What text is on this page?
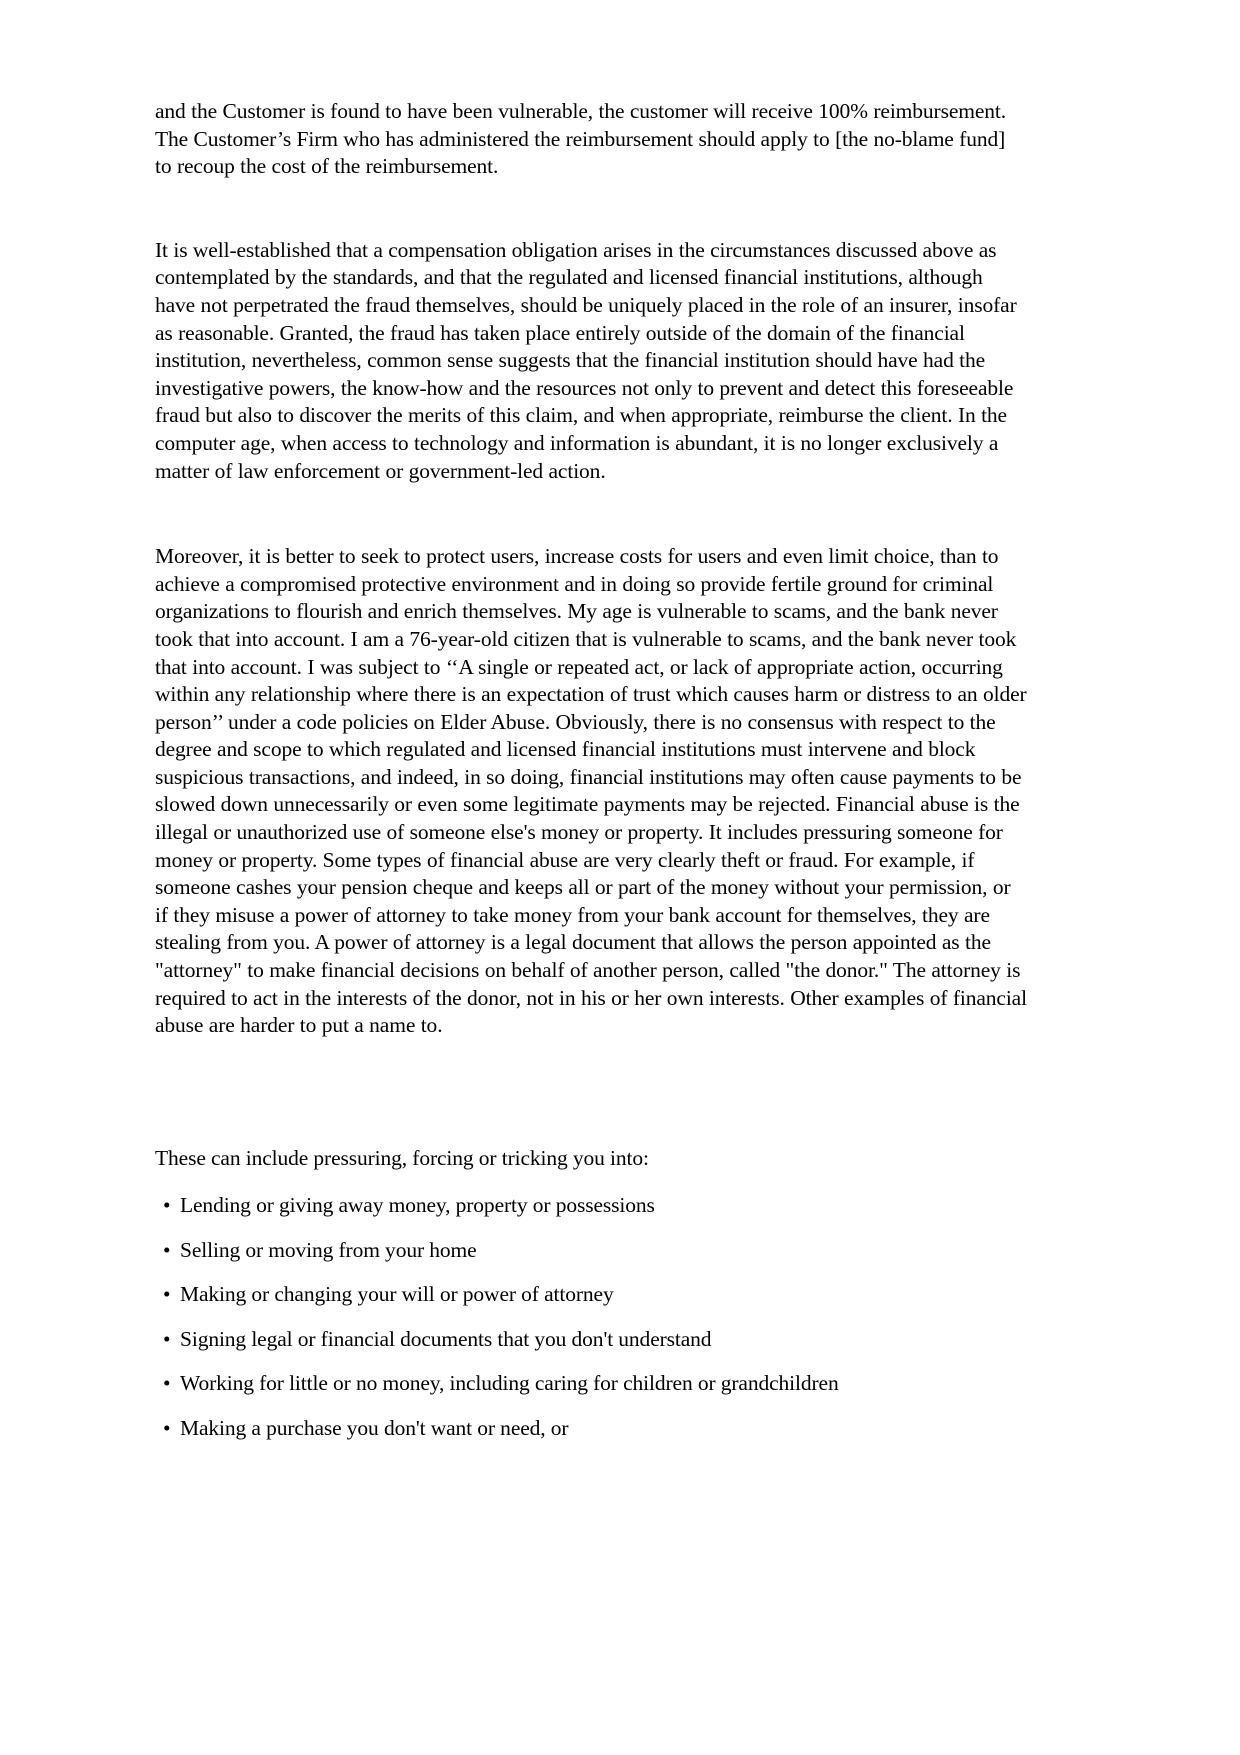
and the Customer is found to have been vulnerable, the customer will receive 100% reimbursement. The Customer’s Firm who has administered the reimbursement should apply to [the no-blame fund] to recoup the cost of the reimbursement.

It is well-established that a compensation obligation arises in the circumstances discussed above as contemplated by the standards, and that the regulated and licensed financial institutions, although have not perpetrated the fraud themselves, should be uniquely placed in the role of an insurer, insofar as reasonable. Granted, the fraud has taken place entirely outside of the domain of the financial institution, nevertheless, common sense suggests that the financial institution should have had the investigative powers, the know-how and the resources not only to prevent and detect this foreseeable fraud but also to discover the merits of this claim, and when appropriate, reimburse the client. In the computer age, when access to technology and information is abundant, it is no longer exclusively a matter of law enforcement or government-led action.

Moreover, it is better to seek to protect users, increase costs for users and even limit choice, than to achieve a compromised protective environment and in doing so provide fertile ground for criminal organizations to flourish and enrich themselves. My age is vulnerable to scams, and the bank never took that into account. I am a 76-year-old citizen that is vulnerable to scams, and the bank never took that into account. I was subject to ‘‘A single or repeated act, or lack of appropriate action, occurring within any relationship where there is an expectation of trust which causes harm or distress to an older person’’ under a code policies on Elder Abuse. Obviously, there is no consensus with respect to the degree and scope to which regulated and licensed financial institutions must intervene and block suspicious transactions, and indeed, in so doing, financial institutions may often cause payments to be slowed down unnecessarily or even some legitimate payments may be rejected. Financial abuse is the illegal or unauthorized use of someone else's money or property. It includes pressuring someone for money or property. Some types of financial abuse are very clearly theft or fraud. For example, if someone cashes your pension cheque and keeps all or part of the money without your permission, or if they misuse a power of attorney to take money from your bank account for themselves, they are stealing from you. A power of attorney is a legal document that allows the person appointed as the "attorney" to make financial decisions on behalf of another person, called "the donor." The attorney is required to act in the interests of the donor, not in his or her own interests. Other examples of financial abuse are harder to put a name to.

These can include pressuring, forcing or tricking you into:

• Lending or giving away money, property or possessions
• Selling or moving from your home
• Making or changing your will or power of attorney
• Signing legal or financial documents that you don't understand
• Working for little or no money, including caring for children or grandchildren
• Making a purchase you don't want or need, or
